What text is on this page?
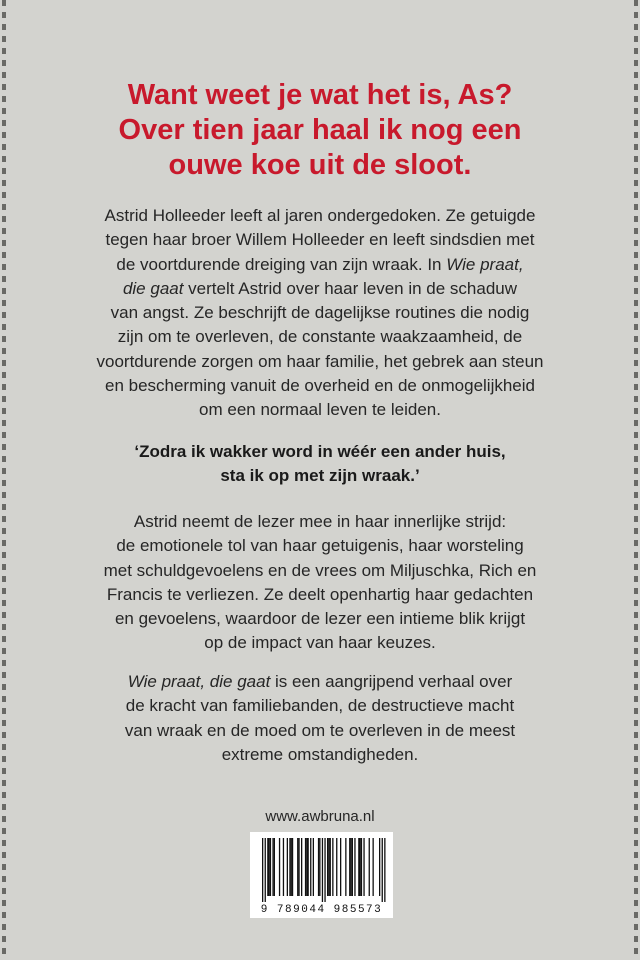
Want weet je wat het is, As?
Over tien jaar haal ik nog een
ouwe koe uit de sloot.
Astrid Holleeder leeft al jaren ondergedoken. Ze getuigde
tegen haar broer Willem Holleeder en leeft sindsdien met
de voortdurende dreiging van zijn wraak. In Wie praat,
die gaat vertelt Astrid over haar leven in de schaduw
van angst. Ze beschrijft de dagelijkse routines die nodig
zijn om te overleven, de constante waakzaamheid, de
voortdurende zorgen om haar familie, het gebrek aan steun
en bescherming vanuit de overheid en de onmogelijkheid
om een normaal leven te leiden.
‘Zodra ik wakker word in wéér een ander huis,
sta ik op met zijn wraak.’
Astrid neemt de lezer mee in haar innerlijke strijd:
de emotionele tol van haar getuigenis, haar worsteling
met schuldgevoelens en de vrees om Miljuschka, Rich en
Francis te verliezen. Ze deelt openhartig haar gedachten
en gevoelens, waardoor de lezer een intieme blik krijgt
op de impact van haar keuzes.
Wie praat, die gaat is een aangrijpend verhaal over
de kracht van familiebanden, de destructieve macht
van wraak en de moed om te overleven in de meest
extreme omstandigheden.
www.awbruna.nl
9 789044 985573
